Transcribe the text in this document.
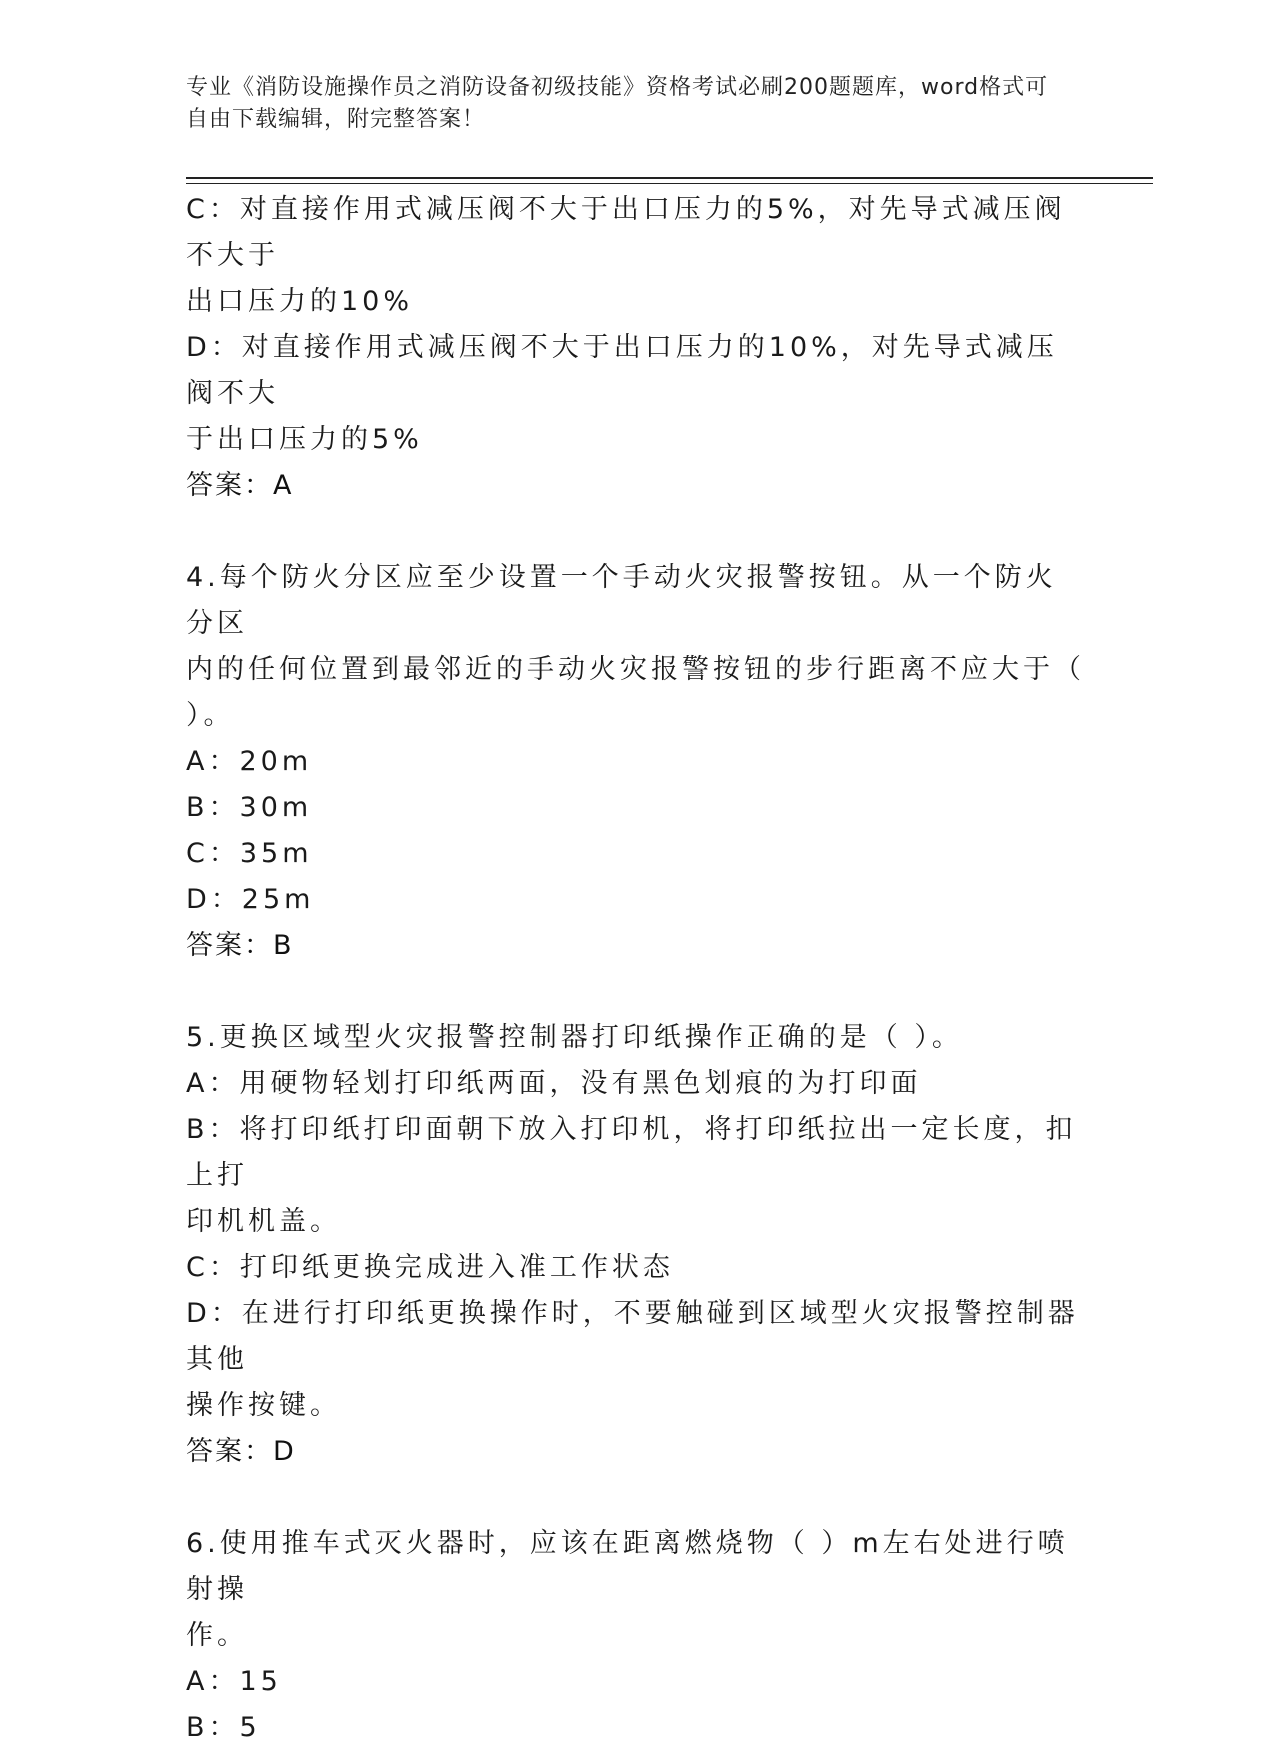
专业《消防设施操作员之消防设备初级技能》资格考试必刷200题题库，word格式可自由下载编辑，附完整答案！
C：对直接作用式减压阀不大于出口压力的5%，对先导式减压阀不大于
出口压力的10%
D：对直接作用式减压阀不大于出口压力的10%，对先导式减压阀不大
于出口压力的5%
答案：A
4.每个防火分区应至少设置一个手动火灾报警按钮。从一个防火分区
内的任何位置到最邻近的手动火灾报警按钮的步行距离不应大于（
）。
A：20m
B：30m
C：35m
D：25m
答案：B
5.更换区域型火灾报警控制器打印纸操作正确的是（ ）。
A：用硬物轻划打印纸两面，没有黑色划痕的为打印面
B：将打印纸打印面朝下放入打印机，将打印纸拉出一定长度，扣上打
印机机盖。
C：打印纸更换完成进入准工作状态
D：在进行打印纸更换操作时，不要触碰到区域型火灾报警控制器其他
操作按键。
答案：D
6.使用推车式灭火器时，应该在距离燃烧物（ ）m左右处进行喷射操
作。
A：15
B：5
